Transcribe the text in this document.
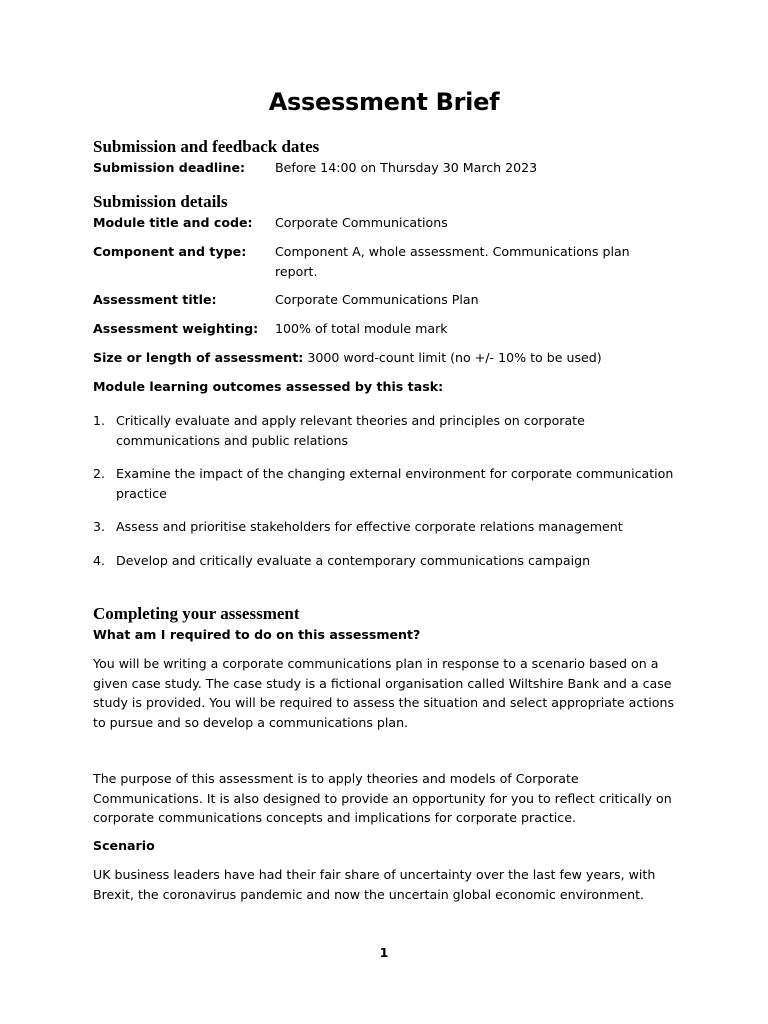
Assessment Brief
Submission and feedback dates
Submission deadline: Before 14:00 on Thursday 30 March 2023
Submission details
Module title and code: Corporate Communications
Component and type: Component A, whole assessment. Communications plan report.
Assessment title:	Corporate Communications Plan
Assessment weighting: 100% of total module mark

Size or length of assessment: 3000 word-count limit (no +/- 10% to be used)

Module learning outcomes assessed by this task:

1. Critically evaluate and apply relevant theories and principles on corporate communications and public relations
2. Examine the impact of the changing external environment for corporate communication practice
3. Assess and prioritise stakeholders for effective corporate relations management
4. Develop and critically evaluate a contemporary communications campaign
Completing your assessment

What am I required to do on this assessment?

You will be writing a corporate communications plan in response to a scenario based on a given case study. The case study is a fictional organisation called Wiltshire Bank and a case study is provided. You will be required to assess the situation and select appropriate actions to pursue and so develop a communications plan.

The purpose of this assessment is to apply theories and models of Corporate Communications. It is also designed to provide an opportunity for you to reflect critically on corporate communications concepts and implications for corporate practice.

Scenario

UK business leaders have had their fair share of uncertainty over the last few years, with Brexit, the coronavirus pandemic and now the uncertain global economic environment.

1
